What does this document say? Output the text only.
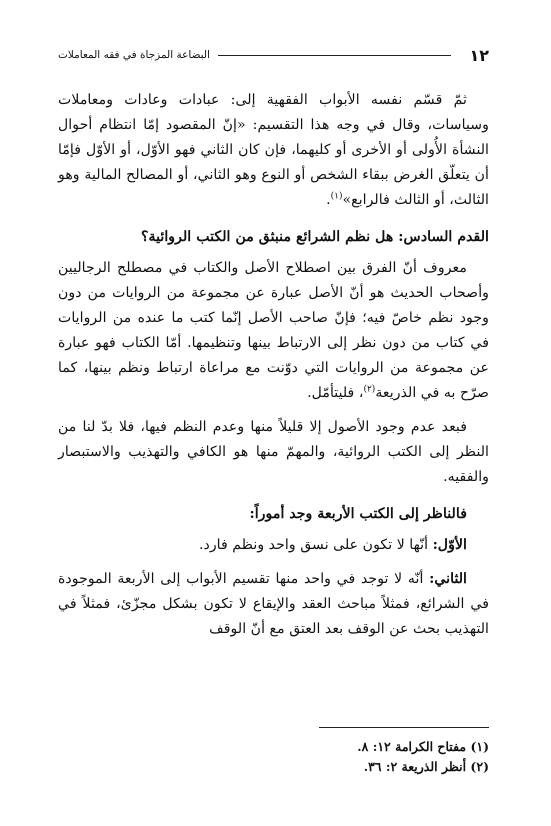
١٢
البضاعة المزجاة في فقه المعاملات

ثمّ قسّم نفسه الأبواب الفقهية إلى: عبادات وعادات ومعاملات وسياسات، وقال في وجه هذا التقسيم: «إنّ المقصود إمّا انتظام أحوال النشأة الأُولى أو الأخرى أو كليهما، فإن كان الثاني فهو الأوّل، أو الأوّل فإمّا أن يتعلّق الغرض ببقاء الشخص أو النوع وهو الثاني، أو المصالح المالية وهو الثالث، أو الثالث فالرابع»$^{(١)}$.

القدم السادس: هل نظم الشرائع منبثق من الكتب الروائية؟

معروف أنّ الفرق بين اصطلاح الأصل والكتاب في مصطلح الرجاليين وأصحاب الحديث هو أنّ الأصل عبارة عن مجموعة من الروايات من دون وجود نظم خاصّ فيه؛ فإنّ صاحب الأصل إنّما كتب ما عنده من الروايات في كتاب من دون نظر إلى الارتباط بينها وتنظيمها. أمّا الكتاب فهو عبارة عن مجموعة من الروايات التي دوّنت مع مراعاة ارتباط ونظم بينها، كما صرّح به في الذريعة$^{(٢)}$، فليتأمّل.

فبعد عدم وجود الأصول إلا قليلاً منها وعدم النظم فيها، فلا بدّ لنا من النظر إلى الكتب الروائية، والمهمّ منها هو الكافي والتهذيب والاستبصار والفقيه.

فالناظر إلى الكتب الأربعة وجد أموراً:

الأوّل: أنّها لا تكون على نسق واحد ونظم فارد.

الثاني: أنّه لا توجد في واحد منها تقسيم الأبواب إلى الأربعة الموجودة في الشرائع، فمثلاً مباحث العقد والإيقاع لا تكون بشكل مجزّئ، فمثلاً في التهذيب بحث عن الوقف بعد العتق مع أنّ الوقف

(١) مفتاح الكرامة ١٢: ٨.
(٢) أنظر الذريعة ٢: ٣٦.
